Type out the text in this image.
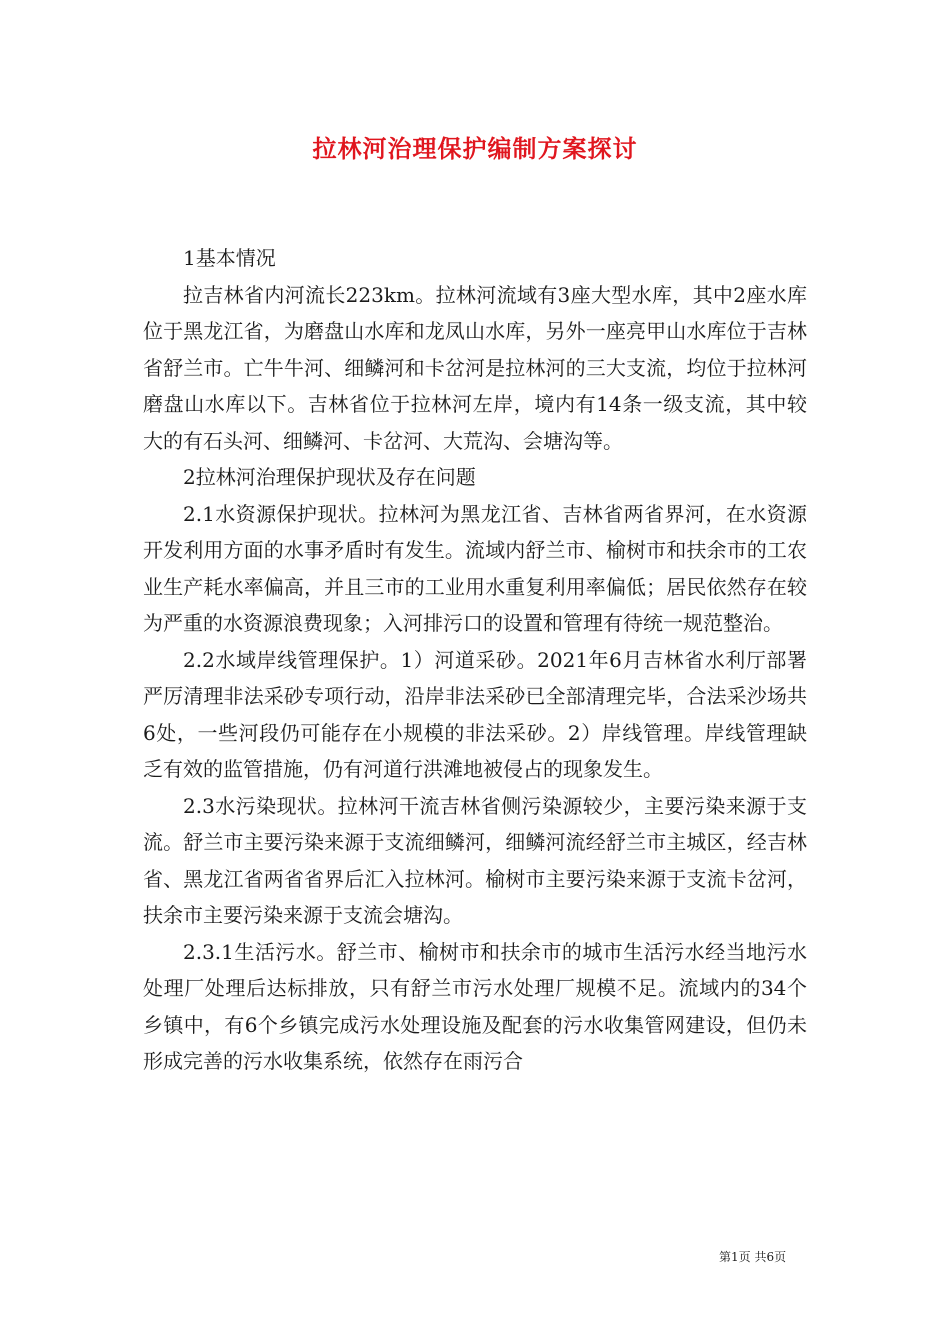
拉林河治理保护编制方案探讨

1基本情况

拉吉林省内河流长223km。拉林河流域有3座大型水库，其中2座水库位于黑龙江省，为磨盘山水库和龙凤山水库，另外一座亮甲山水库位于吉林省舒兰市。亡牛牛河、细鳞河和卡岔河是拉林河的三大支流，均位于拉林河磨盘山水库以下。吉林省位于拉林河左岸，境内有14条一级支流，其中较大的有石头河、细鳞河、卡岔河、大荒沟、会塘沟等。

2拉林河治理保护现状及存在问题

2.1水资源保护现状。拉林河为黑龙江省、吉林省两省界河，在水资源开发利用方面的水事矛盾时有发生。流域内舒兰市、榆树市和扶余市的工农业生产耗水率偏高，并且三市的工业用水重复利用率偏低；居民依然存在较为严重的水资源浪费现象；入河排污口的设置和管理有待统一规范整治。

2.2水域岸线管理保护。1）河道采砂。2021年6月吉林省水利厅部署严厉清理非法采砂专项行动，沿岸非法采砂已全部清理完毕，合法采沙场共6处，一些河段仍可能存在小规模的非法采砂。2）岸线管理。岸线管理缺乏有效的监管措施，仍有河道行洪滩地被侵占的现象发生。

2.3水污染现状。拉林河干流吉林省侧污染源较少，主要污染来源于支流。舒兰市主要污染来源于支流细鳞河，细鳞河流经舒兰市主城区，经吉林省、黑龙江省两省省界后汇入拉林河。榆树市主要污染来源于支流卡岔河，扶余市主要污染来源于支流会塘沟。

2.3.1生活污水。舒兰市、榆树市和扶余市的城市生活污水经当地污水处理厂处理后达标排放，只有舒兰市污水处理厂规模不足。流域内的34个乡镇中，有6个乡镇完成污水处理设施及配套的污水收集管网建设，但仍未形成完善的污水收集系统，依然存在雨污合

第1页 共6页
